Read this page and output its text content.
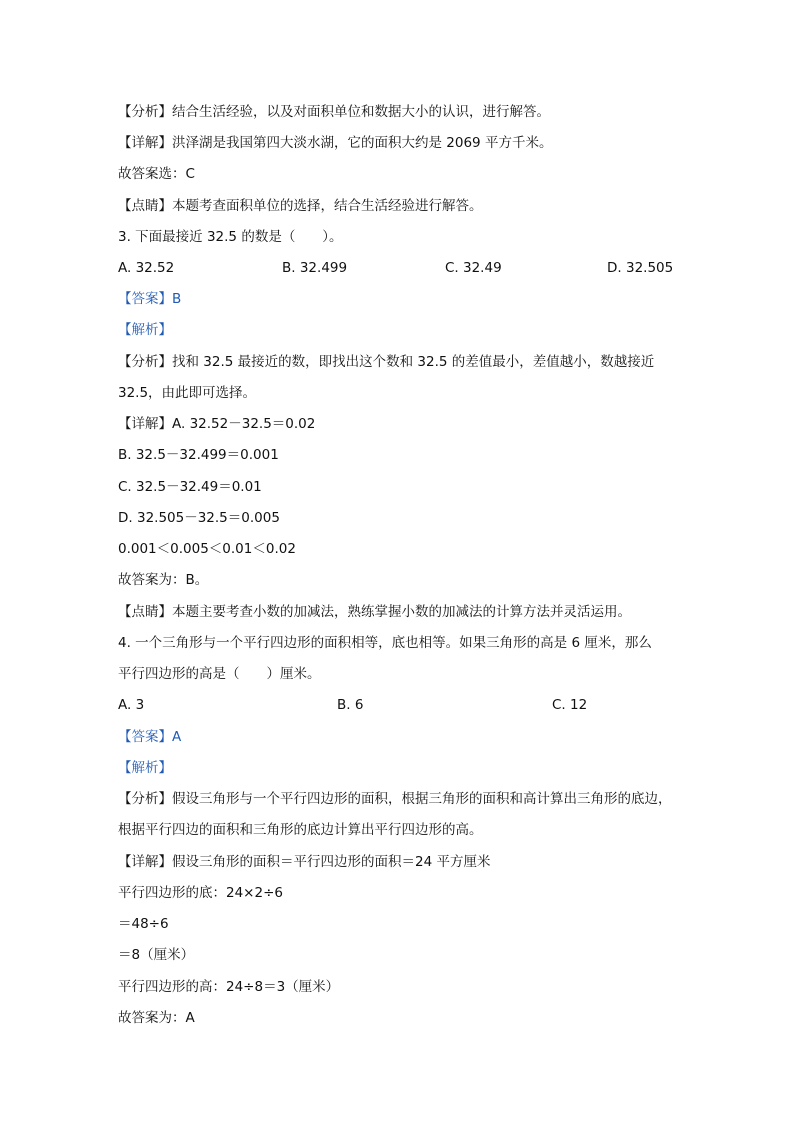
【分析】结合生活经验，以及对面积单位和数据大小的认识，进行解答。
【详解】洪泽湖是我国第四大淡水湖，它的面积大约是 2069 平方千米。
故答案选：C
【点睛】本题考查面积单位的选择，结合生活经验进行解答。
3. 下面最接近 32.5 的数是（　　）。
A. 32.52	B. 32.499	C. 32.49	D. 32.505
【答案】B
【解析】
【分析】找和 32.5 最接近的数，即找出这个数和 32.5 的差值最小，差值越小，数越接近
32.5，由此即可选择。
【详解】A. 32.52－32.5＝0.02
B. 32.5－32.499＝0.001
C. 32.5－32.49＝0.01
D. 32.505－32.5＝0.005
0.001＜0.005＜0.01＜0.02
故答案为：B。
【点睛】本题主要考查小数的加减法，熟练掌握小数的加减法的计算方法并灵活运用。
4. 一个三角形与一个平行四边形的面积相等，底也相等。如果三角形的高是 6 厘米，那么
平行四边形的高是（　　）厘米。
A. 3	B. 6	C. 12
【答案】A
【解析】
【分析】假设三角形与一个平行四边形的面积，根据三角形的面积和高计算出三角形的底边，
根据平行四边的面积和三角形的底边计算出平行四边形的高。
【详解】假设三角形的面积＝平行四边形的面积＝24 平方厘米
平行四边形的底：24×2÷6
＝48÷6
＝8（厘米）
平行四边形的高：24÷8＝3（厘米）
故答案为：A
